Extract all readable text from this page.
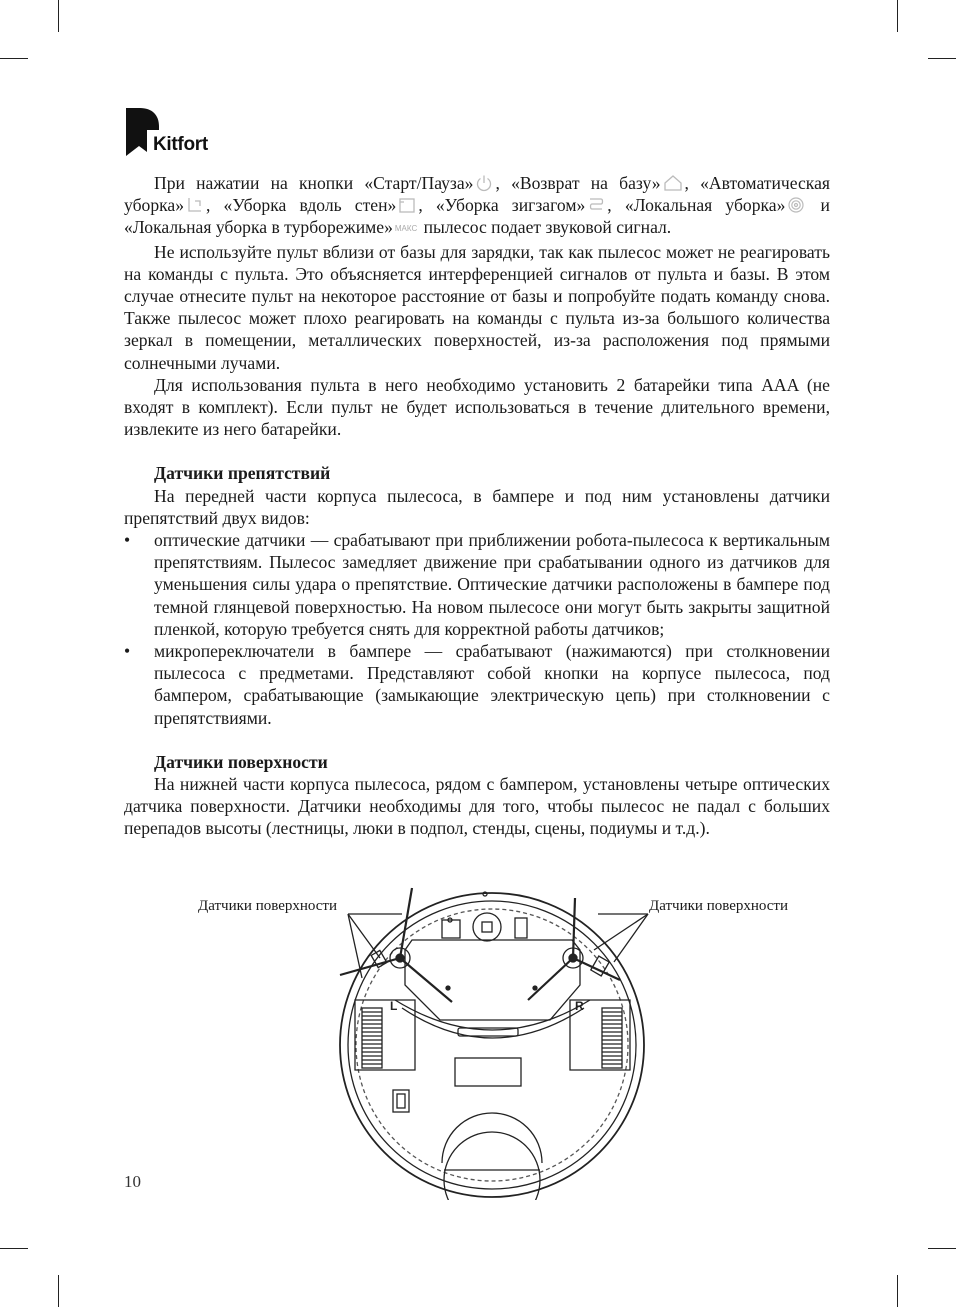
Kitfort

При нажатии на кнопки «Старт/Пауза» , «Возврат на базу» , «Автоматическая уборка» , «Уборка вдоль стен» , «Уборка зигзагом» , «Локальная уборка» и «Локальная уборка в турборежиме» МАКС пылесос подает звуковой сигнал.

Не используйте пульт вблизи от базы для зарядки, так как пылесос может не реагировать на команды с пульта. Это объясняется интерференцией сигналов от пульта и базы. В этом случае отнесите пульт на некоторое расстояние от базы и попробуйте подать команду снова. Также пылесос может плохо реагировать на команды с пульта из-за большого количества зеркал в помещении, металлических поверхностей, из-за расположения под прямыми солнечными лучами.

Для использования пульта в него необходимо установить 2 батарейки типа AAA (не входят в комплект). Если пульт не будет использоваться в течение длительного времени, извлеките из него батарейки.

Датчики препятствий

На передней части корпуса пылесоса, в бампере и под ним установлены датчики препятствий двух видов:

• оптические датчики — срабатывают при приближении робота-пылесоса к вертикальным препятствиям. Пылесос замедляет движение при срабатывании одного из датчиков для уменьшения силы удара о препятствие. Оптические датчики расположены в бампере под темной глянцевой поверхностью. На новом пылесосе они могут быть закрыты защитной пленкой, которую требуется снять для корректной работы датчиков;
• микропереключатели в бампере — срабатывают (нажимаются) при столкновении пылесоса с предметами. Представляют собой кнопки на корпусе пылесоса, под бампером, срабатывающие (замыкающие электрическую цепь) при столкновении с препятствиями.
Датчики поверхности

На нижней части корпуса пылесоса, рядом с бампером, установлены четыре оптических датчика поверхности. Датчики необходимы для того, чтобы пылесос не падал с больших перепадов высоты (лестницы, люки в подпол, стенды, сцены, подиумы и т.д.).

Датчики поверхности	Датчики поверхности
L	R
10
